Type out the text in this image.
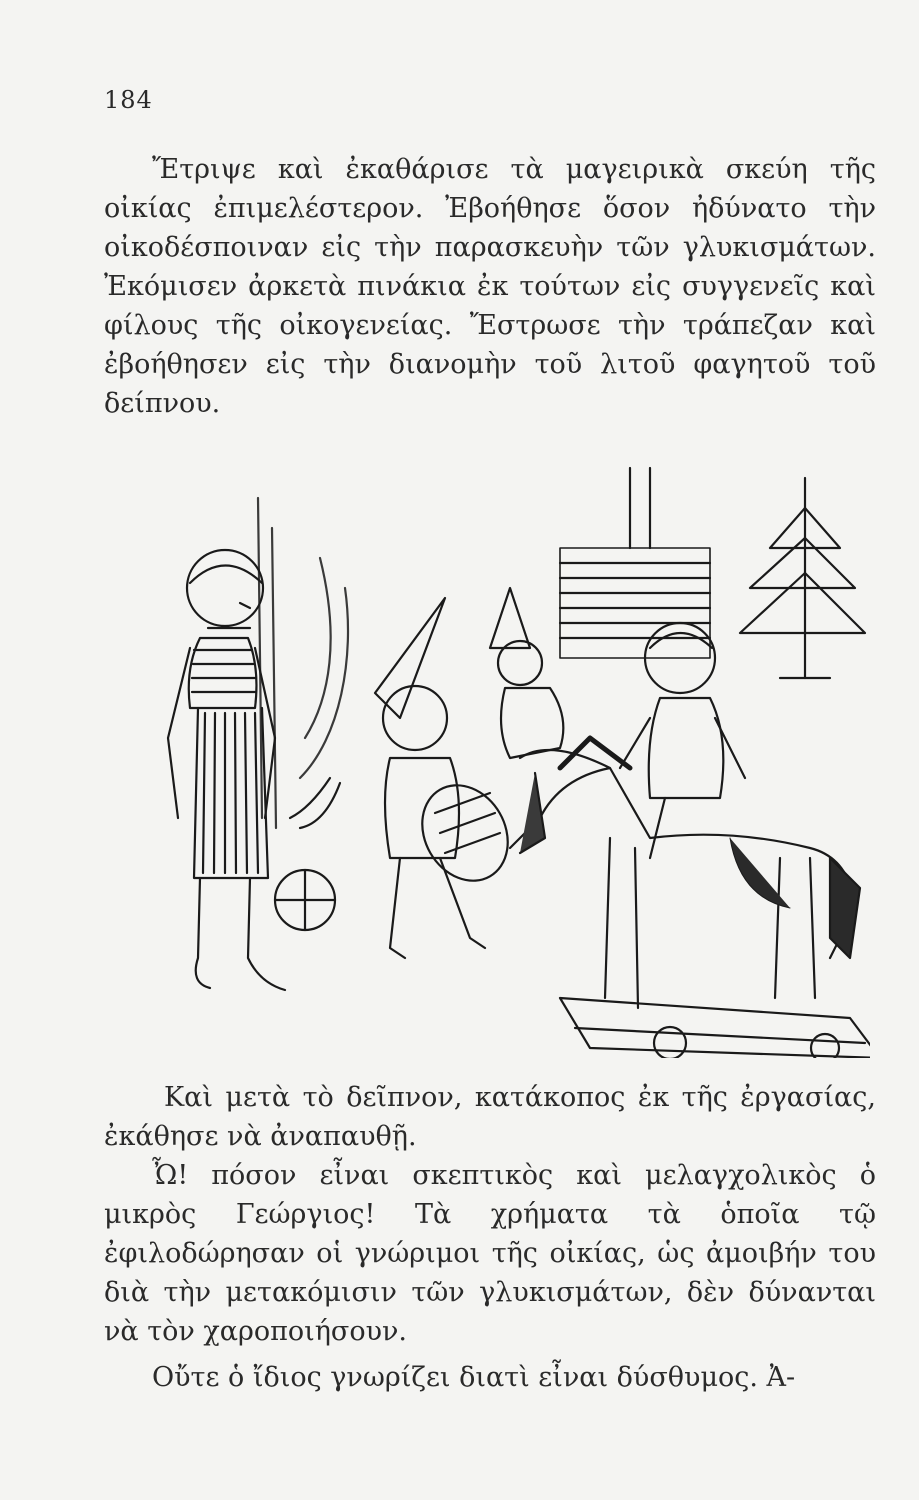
184

Ἔτριψε καὶ ἐκαθάρισε τὰ μαγειρικὰ σκεύη τῆς οἰκίας ἐπιμελέστερον. Ἐβοήθησε ὅσον ἠδύνατο τὴν οἰκοδέσποιναν εἰς τὴν παρασκευὴν τῶν γλυκισμάτων. Ἐκόμισεν ἀρκετὰ πινάκια ἐκ τούτων εἰς συγγενεῖς καὶ φίλους τῆς οἰκογενείας. Ἔστρωσε τὴν τράπεζαν καὶ ἐβοήθησεν εἰς τὴν διανομὴν τοῦ λιτοῦ φαγητοῦ τοῦ δείπνου.

Καὶ μετὰ τὸ δεῖπνον, κατάκοπος ἐκ τῆς ἐργασίας, ἐκάθησε νὰ ἀναπαυθῇ.

Ὦ! πόσον εἶναι σκεπτικὸς καὶ μελαγχολικὸς ὁ μικρὸς Γεώργιος! Τὰ χρήματα τὰ ὁποῖα τῷ ἐφιλοδώρησαν οἱ γνώριμοι τῆς οἰκίας, ὡς ἀμοιβήν του διὰ τὴν μετακόμισιν τῶν γλυκισμάτων, δὲν δύνανται νὰ τὸν χαροποιήσουν.

Οὔτε ὁ ἴδιος γνωρίζει διατὶ εἶναι δύσθυμος. Ἀ-
